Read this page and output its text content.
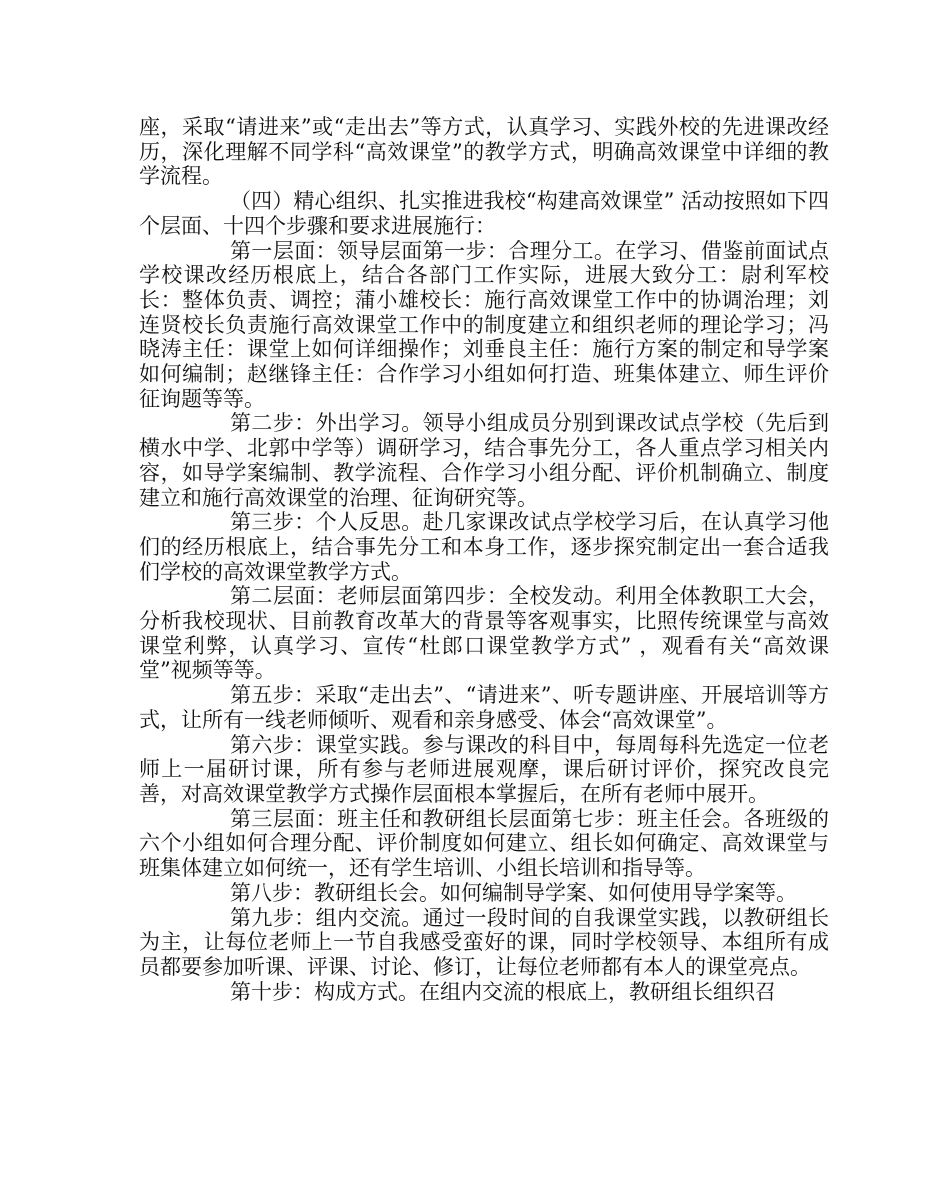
座，采取“请进来”或“走出去”等方式，认真学习、实践外校的先进课改经历，深化理解不同学科“高效课堂”的教学方式，明确高效课堂中详细的教学流程。

（四）精心组织、扎实推进我校“构建高效课堂” 活动按照如下四个层面、十四个步骤和要求进展施行：

第一层面：领导层面第一步：合理分工。在学习、借鉴前面试点学校课改经历根底上，结合各部门工作实际，进展大致分工：尉利军校长：整体负责、调控；蒲小雄校长：施行高效课堂工作中的协调治理；刘连贤校长负责施行高效课堂工作中的制度建立和组织老师的理论学习；冯晓涛主任：课堂上如何详细操作；刘垂良主任：施行方案的制定和导学案如何编制；赵继锋主任：合作学习小组如何打造、班集体建立、师生评价征询题等等。

第二步：外出学习。领导小组成员分别到课改试点学校（先后到横水中学、北郭中学等）调研学习，结合事先分工，各人重点学习相关内容，如导学案编制、教学流程、合作学习小组分配、评价机制确立、制度建立和施行高效课堂的治理、征询研究等。

第三步：个人反思。赴几家课改试点学校学习后，在认真学习他们的经历根底上，结合事先分工和本身工作，逐步探究制定出一套合适我们学校的高效课堂教学方式。

第二层面：老师层面第四步：全校发动。利用全体教职工大会，分析我校现状、目前教育改革大的背景等客观事实，比照传统课堂与高效课堂利弊，认真学习、宣传“杜郎口课堂教学方式” ，观看有关“高效课堂”视频等等。

第五步：采取“走出去”、“请进来”、听专题讲座、开展培训等方式，让所有一线老师倾听、观看和亲身感受、体会“高效课堂”。

第六步：课堂实践。参与课改的科目中，每周每科先选定一位老师上一届研讨课，所有参与老师进展观摩，课后研讨评价，探究改良完善，对高效课堂教学方式操作层面根本掌握后，在所有老师中展开。

第三层面：班主任和教研组长层面第七步：班主任会。各班级的六个小组如何合理分配、评价制度如何建立、组长如何确定、高效课堂与班集体建立如何统一，还有学生培训、小组长培训和指导等。

第八步：教研组长会。如何编制导学案、如何使用导学案等。

第九步：组内交流。通过一段时间的自我课堂实践，以教研组长为主，让每位老师上一节自我感受蛮好的课，同时学校领导、本组所有成员都要参加听课、评课、讨论、修订，让每位老师都有本人的课堂亮点。

第十步：构成方式。在组内交流的根底上，教研组长组织召
